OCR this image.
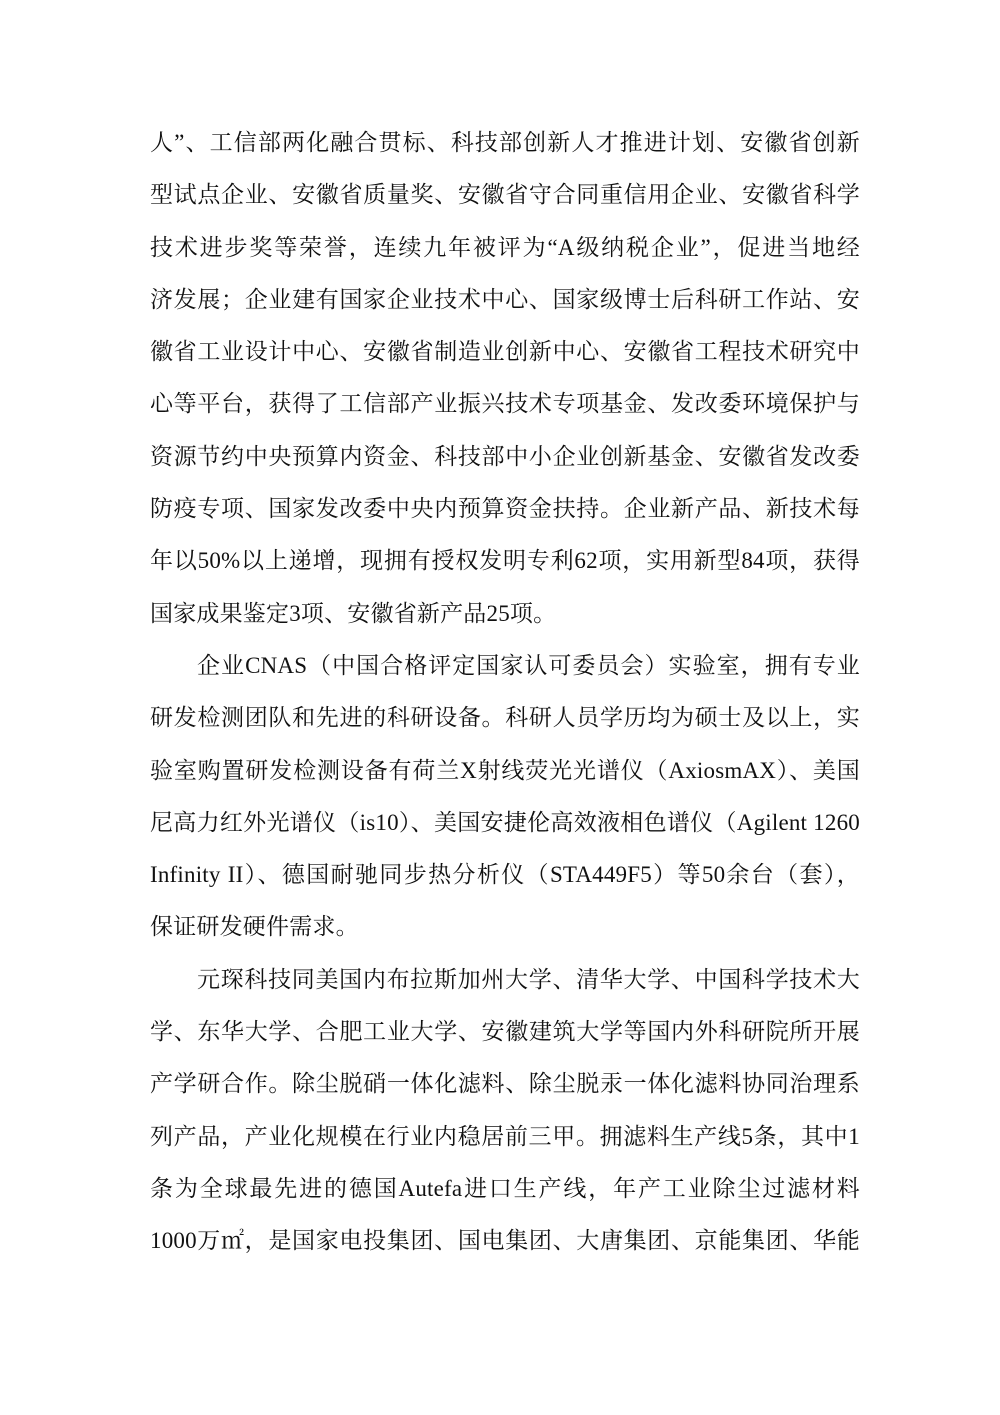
人”、工信部两化融合贯标、科技部创新人才推进计划、安徽省创新
型试点企业、安徽省质量奖、安徽省守合同重信用企业、安徽省科学
技术进步奖等荣誉，连续九年被评为“A级纳税企业”，促进当地经
济发展；企业建有国家企业技术中心、国家级博士后科研工作站、安
徽省工业设计中心、安徽省制造业创新中心、安徽省工程技术研究中
心等平台，获得了工信部产业振兴技术专项基金、发改委环境保护与
资源节约中央预算内资金、科技部中小企业创新基金、安徽省发改委
防疫专项、国家发改委中央内预算资金扶持。企业新产品、新技术每
年以50%以上递增，现拥有授权发明专利62项，实用新型84项，获得
国家成果鉴定3项、安徽省新产品25项。
企业CNAS（中国合格评定国家认可委员会）实验室，拥有专业
研发检测团队和先进的科研设备。科研人员学历均为硕士及以上，实
验室购置研发检测设备有荷兰X射线荧光光谱仪（AxiosmAX）、美国
尼高力红外光谱仪（is10）、美国安捷伦高效液相色谱仪（Agilent 1260
Infinity II）、德国耐驰同步热分析仪（STA449F5）等50余台（套），
保证研发硬件需求。
元琛科技同美国内布拉斯加州大学、清华大学、中国科学技术大
学、东华大学、合肥工业大学、安徽建筑大学等国内外科研院所开展
产学研合作。除尘脱硝一体化滤料、除尘脱汞一体化滤料协同治理系
列产品，产业化规模在行业内稳居前三甲。拥滤料生产线5条，其中1
条为全球最先进的德国Autefa进口生产线，年产工业除尘过滤材料
1000万㎡，是国家电投集团、国电集团、大唐集团、京能集团、华能
